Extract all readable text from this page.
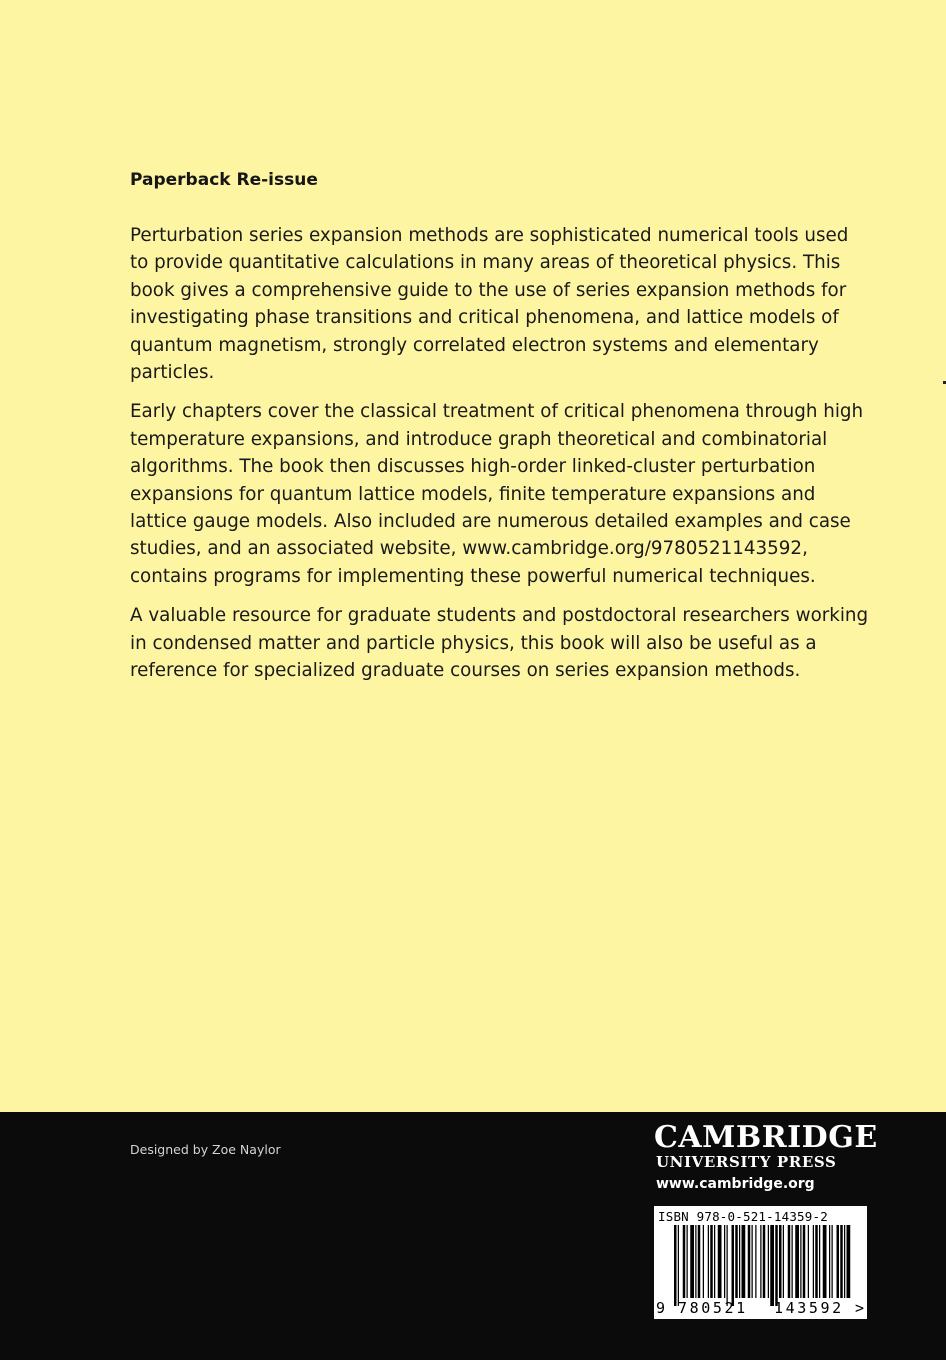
Paperback Re-issue

Perturbation series expansion methods are sophisticated numerical tools used
to provide quantitative calculations in many areas of theoretical physics. This
book gives a comprehensive guide to the use of series expansion methods for
investigating phase transitions and critical phenomena, and lattice models of
quantum magnetism, strongly correlated electron systems and elementary
particles.

Early chapters cover the classical treatment of critical phenomena through high
temperature expansions, and introduce graph theoretical and combinatorial
algorithms. The book then discusses high-order linked-cluster perturbation
expansions for quantum lattice models, finite temperature expansions and
lattice gauge models. Also included are numerous detailed examples and case
studies, and an associated website, www.cambridge.org/9780521143592,
contains programs for implementing these powerful numerical techniques.

A valuable resource for graduate students and postdoctoral researchers working
in condensed matter and particle physics, this book will also be useful as a
reference for specialized graduate courses on series expansion methods.

Designed by Zoe Naylor	CAMBRIDGE
UNIVERSITY PRESS
www.cambridge.org
ISBN 978-0-521-14359-2
9 780521 143592 >
